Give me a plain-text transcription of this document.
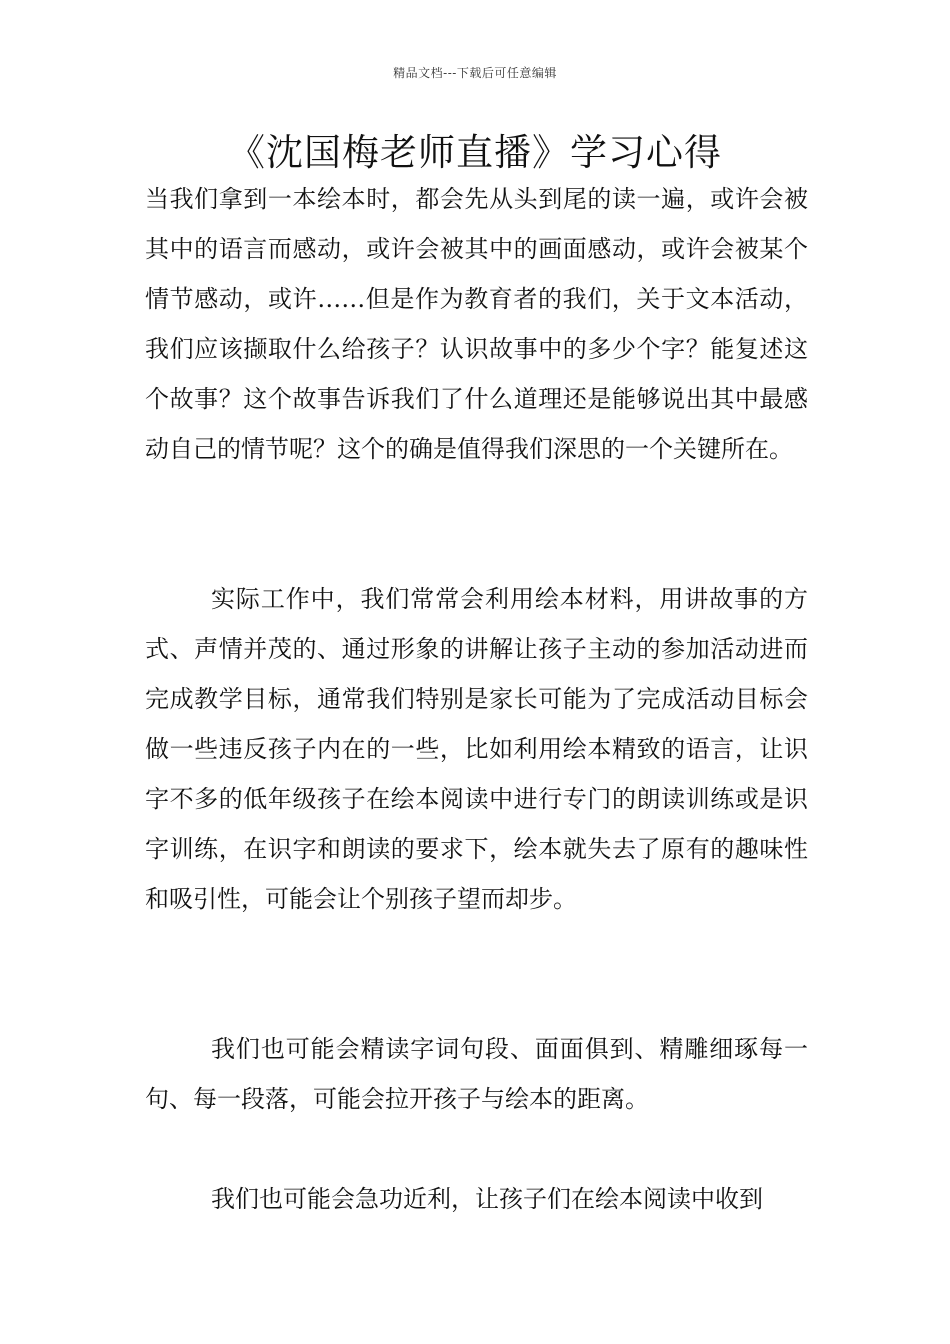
精品文档---下载后可任意编辑
《沈国梅老师直播》学习心得

当我们拿到一本绘本时，都会先从头到尾的读一遍，或许会被其中的语言而感动，或许会被其中的画面感动，或许会被某个情节感动，或许……但是作为教育者的我们，关于文本活动，我们应该撷取什么给孩子？认识故事中的多少个字？能复述这个故事？这个故事告诉我们了什么道理还是能够说出其中最感动自己的情节呢？这个的确是值得我们深思的一个关键所在。

实际工作中，我们常常会利用绘本材料，用讲故事的方式、声情并茂的、通过形象的讲解让孩子主动的参加活动进而完成教学目标，通常我们特别是家长可能为了完成活动目标会做一些违反孩子内在的一些，比如利用绘本精致的语言，让识字不多的低年级孩子在绘本阅读中进行专门的朗读训练或是识字训练，在识字和朗读的要求下，绘本就失去了原有的趣味性和吸引性，可能会让个别孩子望而却步。

我们也可能会精读字词句段、面面俱到、精雕细琢每一句、每一段落，可能会拉开孩子与绘本的距离。

我们也可能会急功近利，让孩子们在绘本阅读中收到
